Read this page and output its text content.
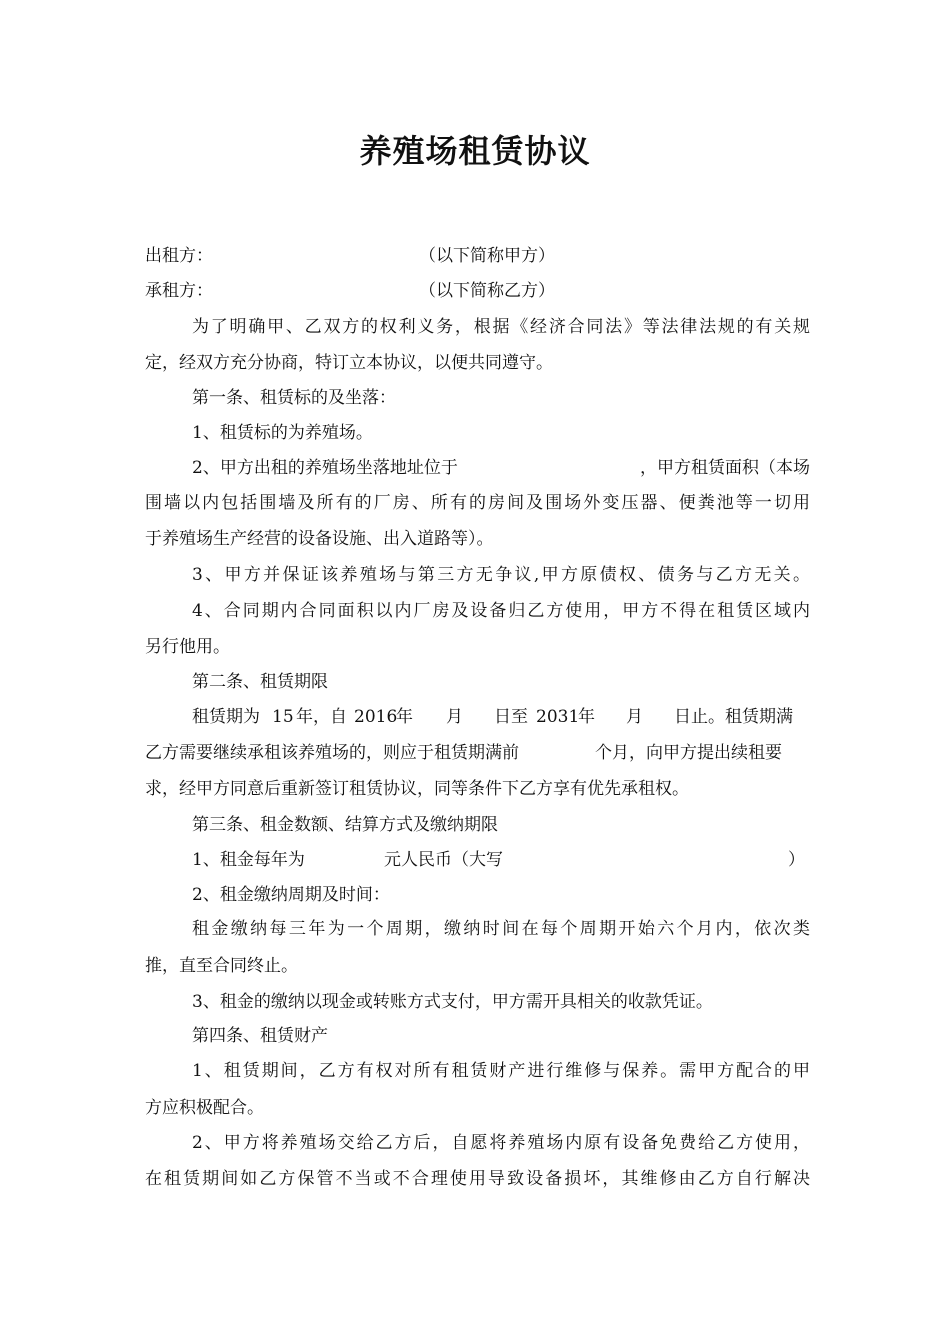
养殖场租赁协议
出租方：	（以下简称甲方）
承租方：	（以下简称乙方）
为了明确甲、乙双方的权利义务，根据《经济合同法》等法律法规的有关规
定，经双方充分协商，特订立本协议，以便共同遵守。
第一条、租赁标的及坐落：
1、租赁标的为养殖场。
2、甲方出租的养殖场坐落地址位于	，甲方租赁面积（本场
围墙以内包括围墙及所有的厂房、所有的房间及围场外变压器、便粪池等一切用
于养殖场生产经营的设备设施、出入道路等）。
3、甲方并保证该养殖场与第三方无争议,甲方原债权、债务与乙方无关。
4、合同期内合同面积以内厂房及设备归乙方使用，甲方不得在租赁区域内
另行他用。
第二条、租赁期限
租赁期为 15 年，自 2016
年 月 日至 2031
年 月 日止。租赁期满
乙方需要继续承租该养殖场的，则应于租赁期满前	个月，向甲方提出续租要
求，经甲方同意后重新签订租赁协议，同等条件下乙方享有优先承租权。
第三条、租金数额、结算方式及缴纳期限
1、租金每年为	元人民币（大写	）
2、租金缴纳周期及时间：
租金缴纳每三年为一个周期，缴纳时间在每个周期开始六个月内，依次类
推，直至合同终止。
3、租金的缴纳以现金或转账方式支付，甲方需开具相关的收款凭证。
第四条、租赁财产
1、租赁期间，乙方有权对所有租赁财产进行维修与保养。需甲方配合的甲
方应积极配合。
2、甲方将养殖场交给乙方后，自愿将养殖场内原有设备免费给乙方使用，
在租赁期间如乙方保管不当或不合理使用导致设备损坏，其维修由乙方自行解决
